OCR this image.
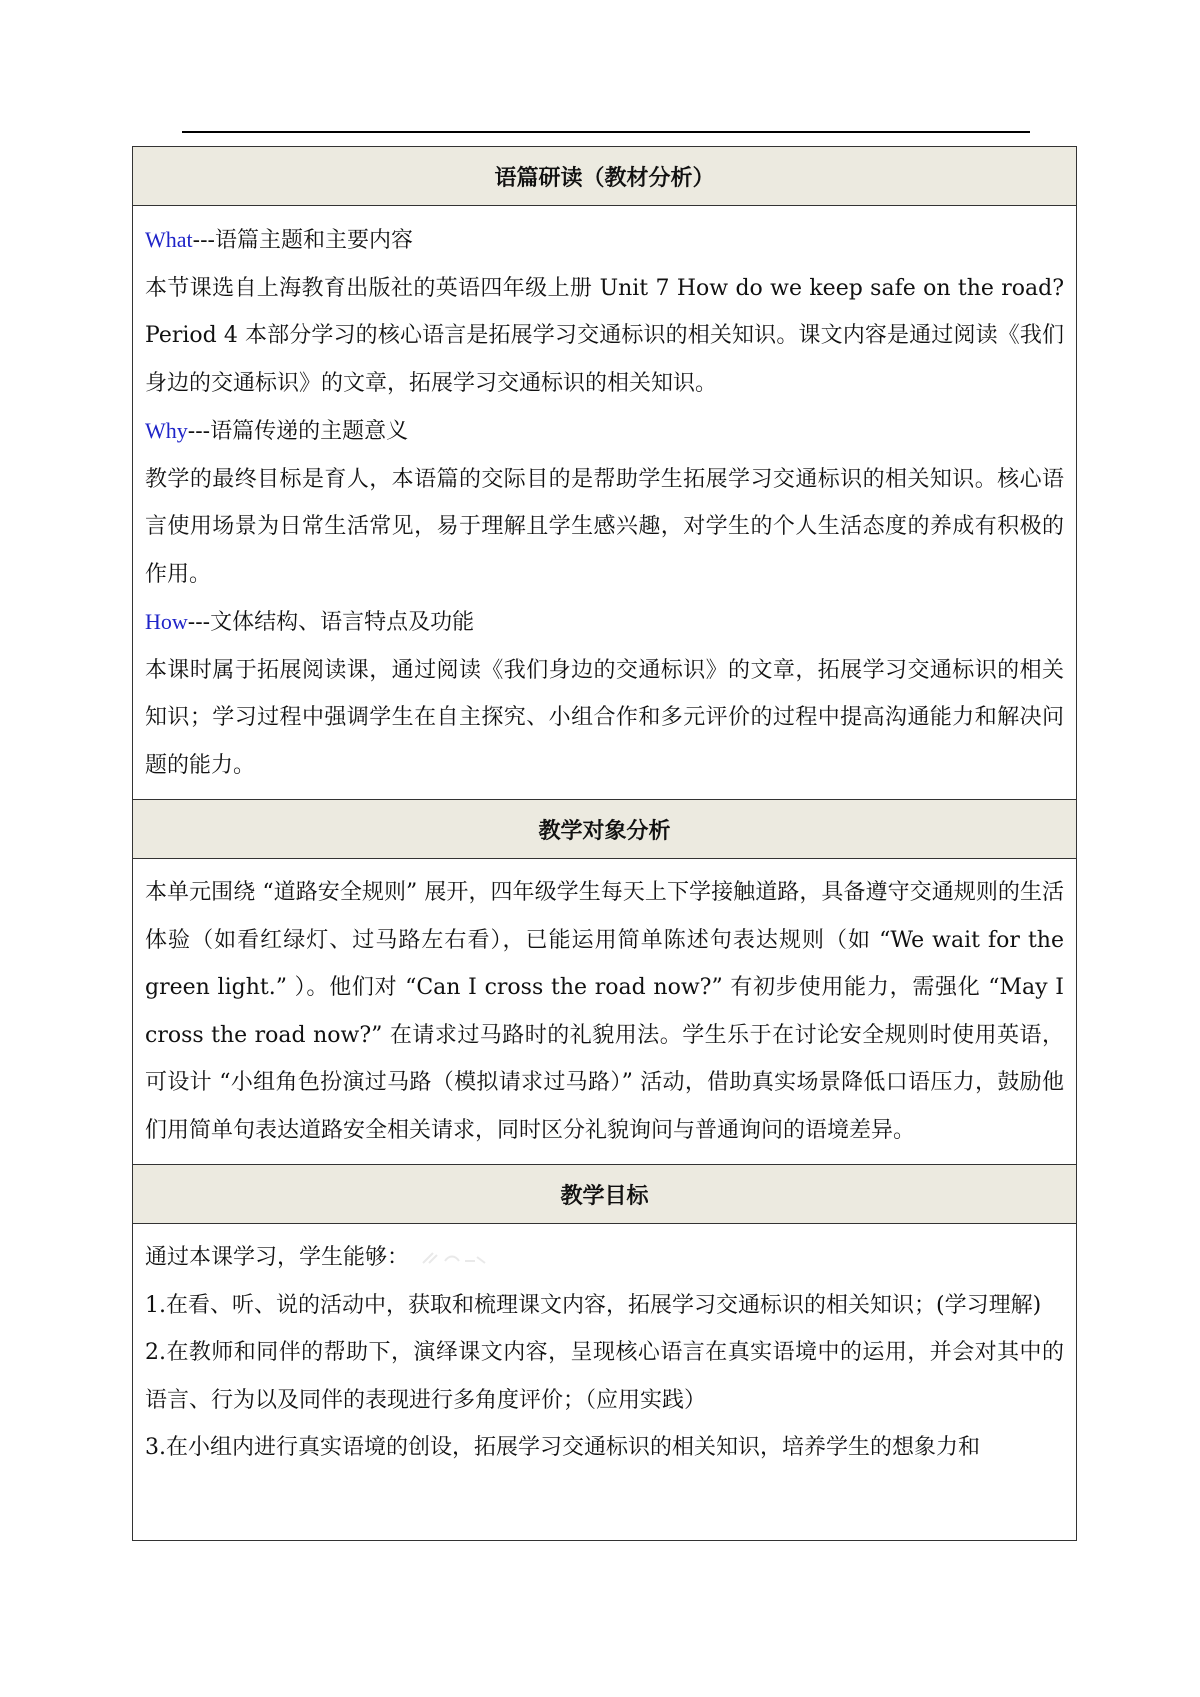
语篇研读（教材分析）

What---语篇主题和主要内容

本节课选自上海教育出版社的英语四年级上册 Unit 7 How do we keep safe on the road? Period 4 本部分学习的核心语言是拓展学习交通标识的相关知识。课文内容是通过阅读《我们身边的交通标识》的文章，拓展学习交通标识的相关知识。

Why---语篇传递的主题意义

教学的最终目标是育人，本语篇的交际目的是帮助学生拓展学习交通标识的相关知识。核心语言使用场景为日常生活常见，易于理解且学生感兴趣，对学生的个人生活态度的养成有积极的作用。

How---文体结构、语言特点及功能

本课时属于拓展阅读课，通过阅读《我们身边的交通标识》的文章，拓展学习交通标识的相关知识；学习过程中强调学生在自主探究、小组合作和多元评价的过程中提高沟通能力和解决问题的能力。

教学对象分析

本单元围绕 “道路安全规则” 展开，四年级学生每天上下学接触道路，具备遵守交通规则的生活体验（如看红绿灯、过马路左右看），已能运用简单陈述句表达规则（如 “We wait for the green light.” ）。他们对 “Can I cross the road now?” 有初步使用能力，需强化 “May I cross the road now?” 在请求过马路时的礼貌用法。学生乐于在讨论安全规则时使用英语，可设计 “小组角色扮演过马路（模拟请求过马路）” 活动，借助真实场景降低口语压力，鼓励他们用简单句表达道路安全相关请求，同时区分礼貌询问与普通询问的语境差异。

教学目标

通过本课学习，学生能够：

1.在看、听、说的活动中，获取和梳理课文内容，拓展学习交通标识的相关知识；(学习理解)

2.在教师和同伴的帮助下，演绎课文内容，呈现核心语言在真实语境中的运用，并会对其中的语言、行为以及同伴的表现进行多角度评价；（应用实践）

3.在小组内进行真实语境的创设，拓展学习交通标识的相关知识，培养学生的想象力和
